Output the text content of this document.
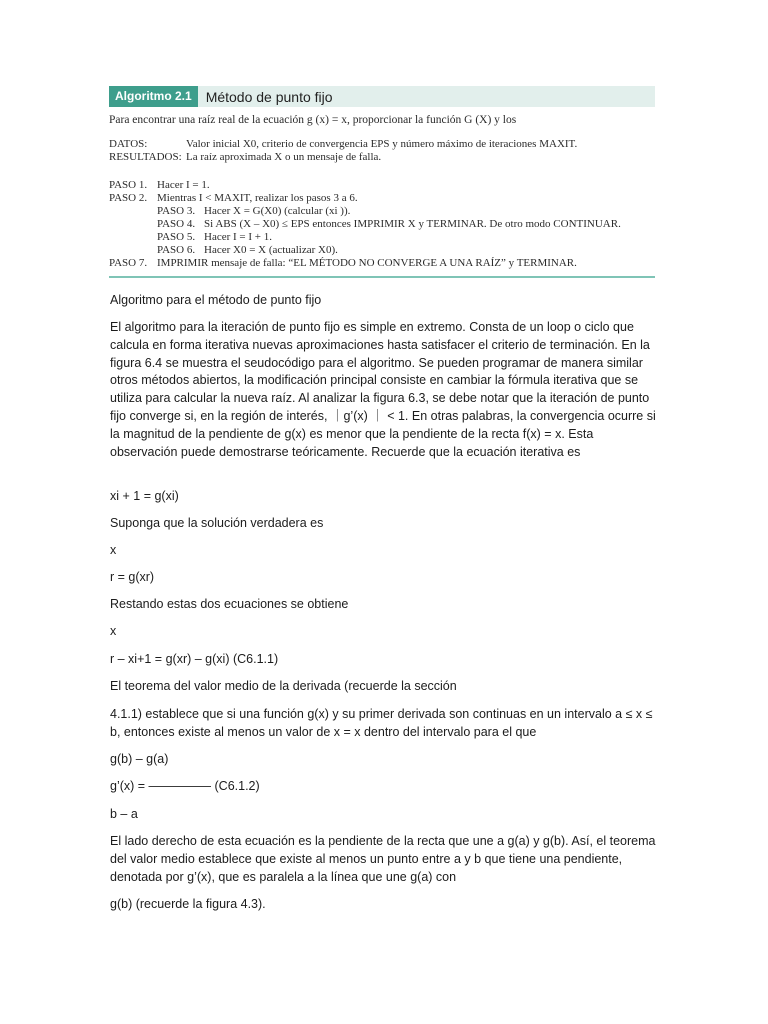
Algoritmo 2.1	Método de punto fijo
Para encontrar una raíz real de la ecuación g (x) = x, proporcionar la función G (X) y los
DATOS:	Valor inicial X0, criterio de convergencia EPS y número máximo de iteraciones MAXIT.
RESULTADOS: La raíz aproximada X o un mensaje de falla.
PASO 1. Hacer I = 1.
PASO 2. Mientras I < MAXIT, realizar los pasos 3 a 6.
PASO 3. Hacer X = G(X0) (calcular (xi )).
PASO 4. Si ABS (X – X0) ≤ EPS entonces IMPRIMIR X y TERMINAR. De otro modo CONTINUAR.
PASO 5. Hacer I = I + 1.
PASO 6. Hacer X0 = X (actualizar X0).
PASO 7. IMPRIMIR mensaje de falla: “EL MÉTODO NO CONVERGE A UNA RAÍZ” y TERMINAR.
Algoritmo para el método de punto fijo
El algoritmo para la iteración de punto fijo es simple en extremo. Consta de un loop o ciclo que calcula en forma iterativa nuevas aproximaciones hasta satisfacer el criterio de terminación. En la figura 6.4 se muestra el seudocódigo para el algoritmo. Se pueden programar de manera similar otros métodos abiertos, la modificación principal consiste en cambiar la fórmula iterativa que se utiliza para calcular la nueva raíz. Al analizar la figura 6.3, se debe notar que la iteración de punto fijo converge si, en la región de interés, ｜g’(x) ｜ < 1. En otras palabras, la convergencia ocurre si la magnitud de la pendiente de g(x) es menor que la pendiente de la recta f(x) = x. Esta observación puede demostrarse teóricamente. Recuerde que la ecuación iterativa es
xi + 1 = g(xi)
Suponga que la solución verdadera es
x
r = g(xr)
Restando estas dos ecuaciones se obtiene
x
r – xi+1 = g(xr) – g(xi) (C6.1.1)
El teorema del valor medio de la derivada (recuerde la sección
4.1.1) establece que si una función g(x) y su primer derivada son continuas en un intervalo a ≤ x ≤ b, entonces existe al menos un valor de x = x dentro del intervalo para el que
g(b) – g(a)
g’(x) = ————— (C6.1.2)
b – a
El lado derecho de esta ecuación es la pendiente de la recta que une a g(a) y g(b). Así, el teorema del valor medio establece que existe al menos un punto entre a y b que tiene una pendiente, denotada por g’(x), que es paralela a la línea que une g(a) con
g(b) (recuerde la figura 4.3).
